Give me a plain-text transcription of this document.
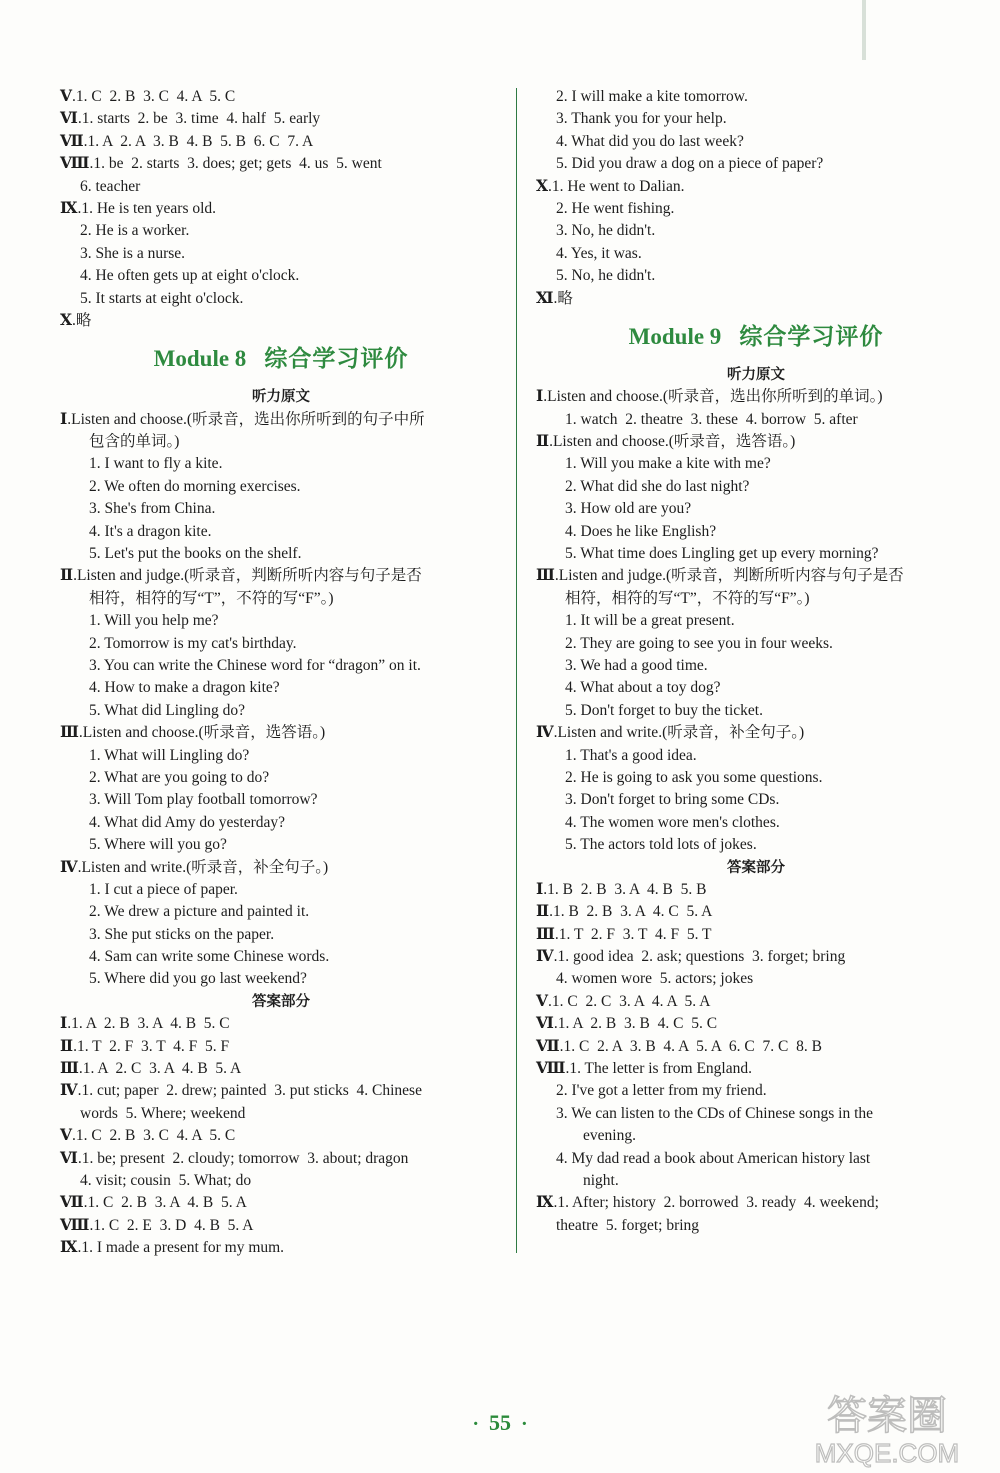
Ⅴ.1. C  2. B  3. C  4. A  5. C
Ⅵ.1. starts  2. be  3. time  4. half  5. early
Ⅶ.1. A  2. A  3. B  4. B  5. B  6. C  7. A
Ⅷ.1. be  2. starts  3. does; get; gets  4. us  5. went
6. teacher
Ⅸ.1. He is ten years old.
2. He is a worker.
3. She is a nurse.
4. He often gets up at eight o'clock.
5. It starts at eight o'clock.
Ⅹ.略
Module 8 综合学习评价
听力原文
Ⅰ.Listen and choose.(听录音，选出你所听到的句子中所
包含的单词。)
1. I want to fly a kite.
2. We often do morning exercises.
3. She's from China.
4. It's a dragon kite.
5. Let's put the books on the shelf.
Ⅱ.Listen and judge.(听录音，判断所听内容与句子是否
相符，相符的写“T”，不符的写“F”。)
1. Will you help me?
2. Tomorrow is my cat's birthday.
3. You can write the Chinese word for “dragon” on it.
4. How to make a dragon kite?
5. What did Lingling do?
Ⅲ.Listen and choose.(听录音，选答语。)
1. What will Lingling do?
2. What are you going to do?
3. Will Tom play football tomorrow?
4. What did Amy do yesterday?
5. Where will you go?
Ⅳ.Listen and write.(听录音，补全句子。)
1. I cut a piece of paper.
2. We drew a picture and painted it.
3. She put sticks on the paper.
4. Sam can write some Chinese words.
5. Where did you go last weekend?
答案部分
Ⅰ.1. A  2. B  3. A  4. B  5. C
Ⅱ.1. T  2. F  3. T  4. F  5. F
Ⅲ.1. A  2. C  3. A  4. B  5. A
Ⅳ.1. cut; paper  2. drew; painted  3. put sticks  4. Chinese
words  5. Where; weekend
Ⅴ.1. C  2. B  3. C  4. A  5. C
Ⅵ.1. be; present  2. cloudy; tomorrow  3. about; dragon
4. visit; cousin  5. What; do
Ⅶ.1. C  2. B  3. A  4. B  5. A
Ⅷ.1. C  2. E  3. D  4. B  5. A
Ⅸ.1. I made a present for my mum.
2. I will make a kite tomorrow.
3. Thank you for your help.
4. What did you do last week?
5. Did you draw a dog on a piece of paper?
Ⅹ.1. He went to Dalian.
2. He went fishing.
3. No, he didn't.
4. Yes, it was.
5. No, he didn't.
Ⅺ.略
Module 9 综合学习评价
听力原文
Ⅰ.Listen and choose.(听录音，选出你所听到的单词。)
1. watch  2. theatre  3. these  4. borrow  5. after
Ⅱ.Listen and choose.(听录音，选答语。)
1. Will you make a kite with me?
2. What did she do last night?
3. How old are you?
4. Does he like English?
5. What time does Lingling get up every morning?
Ⅲ.Listen and judge.(听录音，判断所听内容与句子是否
相符，相符的写“T”，不符的写“F”。)
1. It will be a great present.
2. They are going to see you in four weeks.
3. We had a good time.
4. What about a toy dog?
5. Don't forget to buy the ticket.
Ⅳ.Listen and write.(听录音，补全句子。)
1. That's a good idea.
2. He is going to ask you some questions.
3. Don't forget to bring some CDs.
4. The women wore men's clothes.
5. The actors told lots of jokes.
答案部分
Ⅰ.1. B  2. B  3. A  4. B  5. B
Ⅱ.1. B  2. B  3. A  4. C  5. A
Ⅲ.1. T  2. F  3. T  4. F  5. T
Ⅳ.1. good idea  2. ask; questions  3. forget; bring
4. women wore  5. actors; jokes
Ⅴ.1. C  2. C  3. A  4. A  5. A
Ⅵ.1. A  2. B  3. B  4. C  5. C
Ⅶ.1. C  2. A  3. B  4. A  5. A  6. C  7. C  8. B
Ⅷ.1. The letter is from England.
2. I've got a letter from my friend.
3. We can listen to the CDs of Chinese songs in the
evening.
4. My dad read a book about American history last
night.
Ⅸ.1. After; history  2. borrowed  3. ready  4. weekend;
theatre  5. forget; bring
· 55 ·	答案圈
MXQE.COM
